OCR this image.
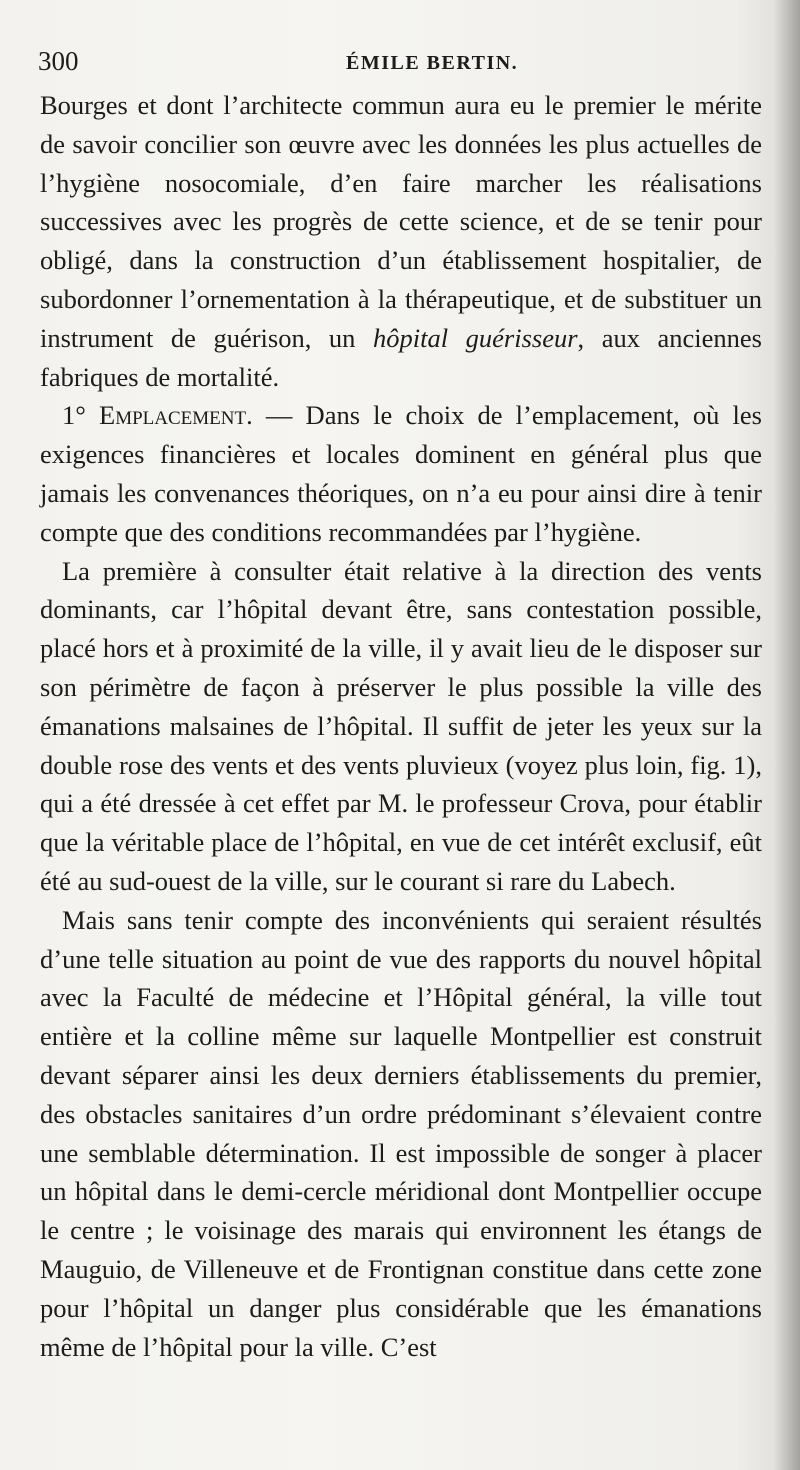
300	ÉMILE BERTIN.

Bourges et dont l’architecte commun aura eu le premier le mérite de savoir concilier son œuvre avec les données les plus actuelles de l’hygiène nosocomiale, d’en faire marcher les réalisations successives avec les progrès de cette science, et de se tenir pour obligé, dans la construction d’un établissement hospitalier, de subordonner l’ornementation à la thérapeutique, et de substituer un instrument de guérison, un hôpital guérisseur, aux anciennes fabriques de mortalité.

1° Emplacement. — Dans le choix de l’emplacement, où les exigences financières et locales dominent en général plus que jamais les convenances théoriques, on n’a eu pour ainsi dire à tenir compte que des conditions recommandées par l’hygiène.

La première à consulter était relative à la direction des vents dominants, car l’hôpital devant être, sans contestation possible, placé hors et à proximité de la ville, il y avait lieu de le disposer sur son périmètre de façon à préserver le plus possible la ville des émanations malsaines de l’hôpital. Il suffit de jeter les yeux sur la double rose des vents et des vents pluvieux (voyez plus loin, fig. 1), qui a été dressée à cet effet par M. le professeur Crova, pour établir que la véritable place de l’hôpital, en vue de cet intérêt exclusif, eût été au sud-ouest de la ville, sur le courant si rare du Labech.

Mais sans tenir compte des inconvénients qui seraient résultés d’une telle situation au point de vue des rapports du nouvel hôpital avec la Faculté de médecine et l’Hôpital général, la ville tout entière et la colline même sur laquelle Montpellier est construit devant séparer ainsi les deux derniers établissements du premier, des obstacles sanitaires d’un ordre prédominant s’élevaient contre une semblable détermination. Il est impossible de songer à placer un hôpital dans le demi-cercle méridional dont Montpellier occupe le centre ; le voisinage des marais qui environnent les étangs de Mauguio, de Villeneuve et de Frontignan constitue dans cette zone pour l’hôpital un danger plus considérable que les émanations même de l’hôpital pour la ville. C’est
